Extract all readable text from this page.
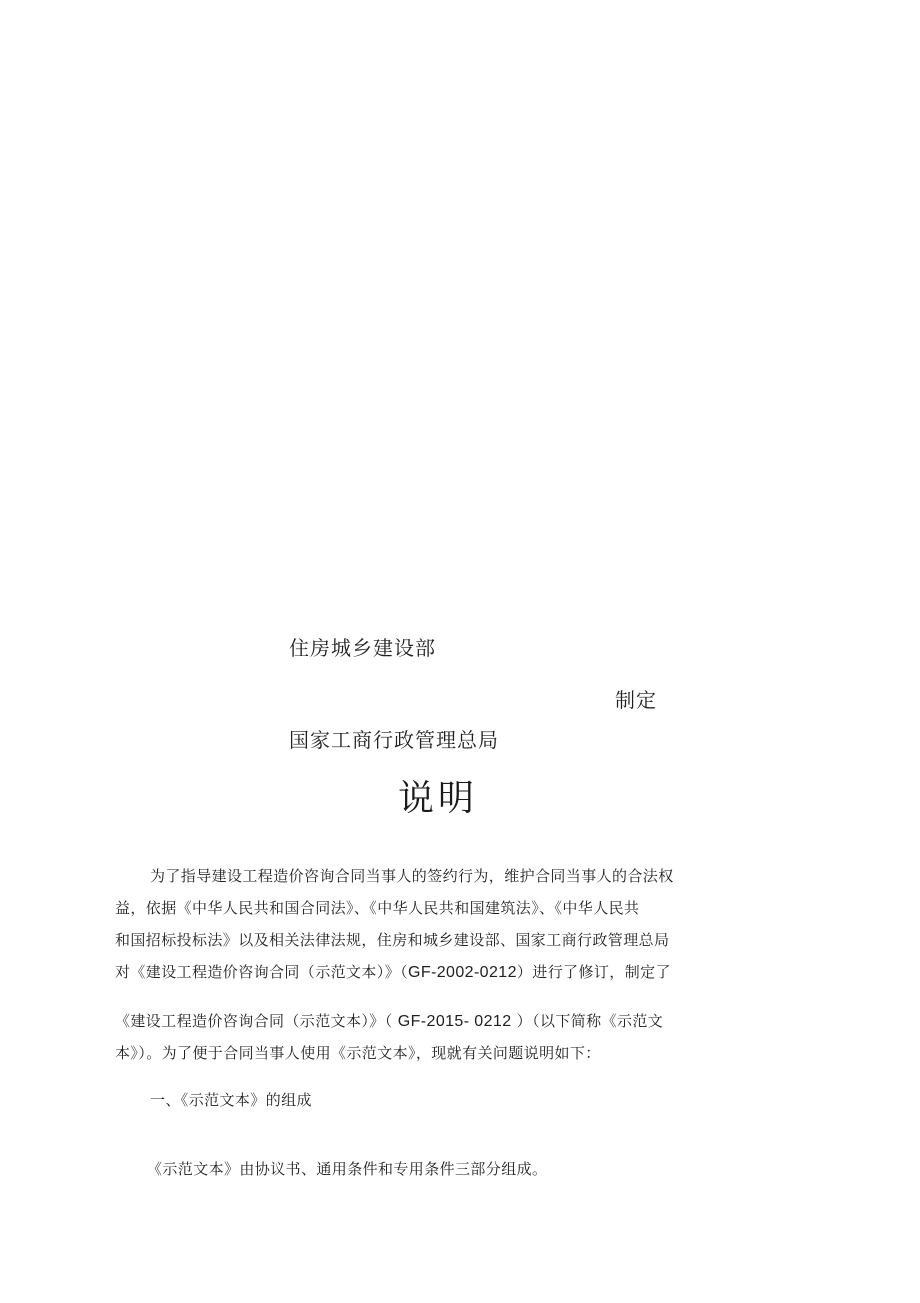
住房城乡建设部

制定

国家工商行政管理总局

说明

为了指导建设工程造价咨询合同当事人的签约行为，维护合同当事人的合法权

益，依据《中华人民共和国合同法》、《中华人民共和国建筑法》、《中华人民共

和国招标投标法》以及相关法律法规，住房和城乡建设部、国家工商行政管理总局

对《建设工程造价咨询合同（示范文本）》（GF-2002-0212）进行了修订，制定了

《建设工程造价咨询合同（示范文本）》（ GF-2015- 0212 ）（以下简称《示范文

本》）。为了便于合同当事人使用《示范文本》，现就有关问题说明如下：

一、《示范文本》的组成

《示范文本》由协议书、通用条件和专用条件三部分组成。
